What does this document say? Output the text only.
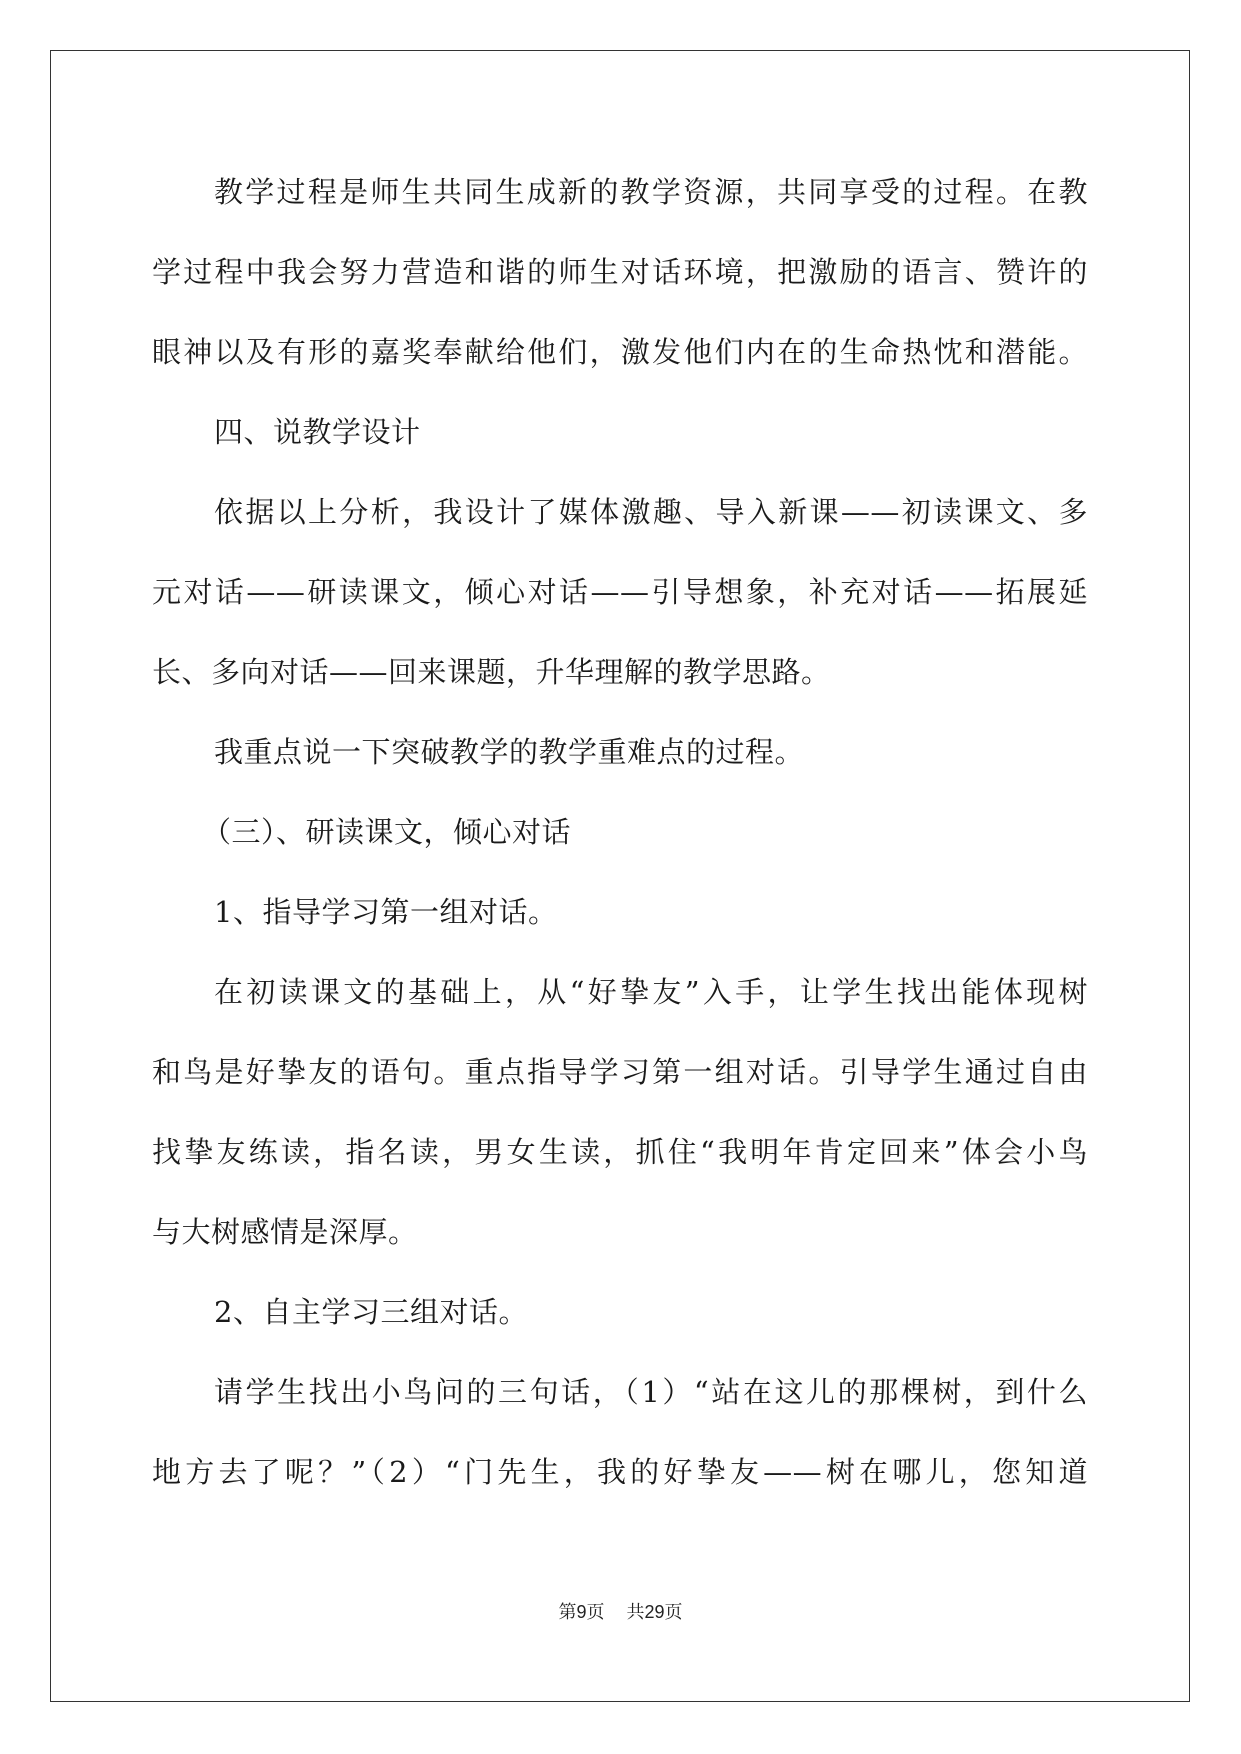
教学过程是师生共同生成新的教学资源，共同享受的过程。在教
学过程中我会努力营造和谐的师生对话环境，把激励的语言、赞许的
眼神以及有形的嘉奖奉献给他们，激发他们内在的生命热忱和潜能。
四、说教学设计
依据以上分析，我设计了媒体激趣、导入新课——初读课文、多
元对话——研读课文，倾心对话——引导想象，补充对话——拓展延
长、多向对话——回来课题，升华理解的教学思路。
我重点说一下突破教学的教学重难点的过程。
（三）、研读课文，倾心对话
1、指导学习第一组对话。
在初读课文的基础上，从“好挚友”入手，让学生找出能体现树
和鸟是好挚友的语句。重点指导学习第一组对话。引导学生通过自由
找挚友练读，指名读，男女生读，抓住“我明年肯定回来”体会小鸟
与大树感情是深厚。
2、自主学习三组对话。
请学生找出小鸟问的三句话，（1）“站在这儿的那棵树，到什么
地方去了呢？”（2）“门先生，我的好挚友——树在哪儿，您知道
第9页 共29页
